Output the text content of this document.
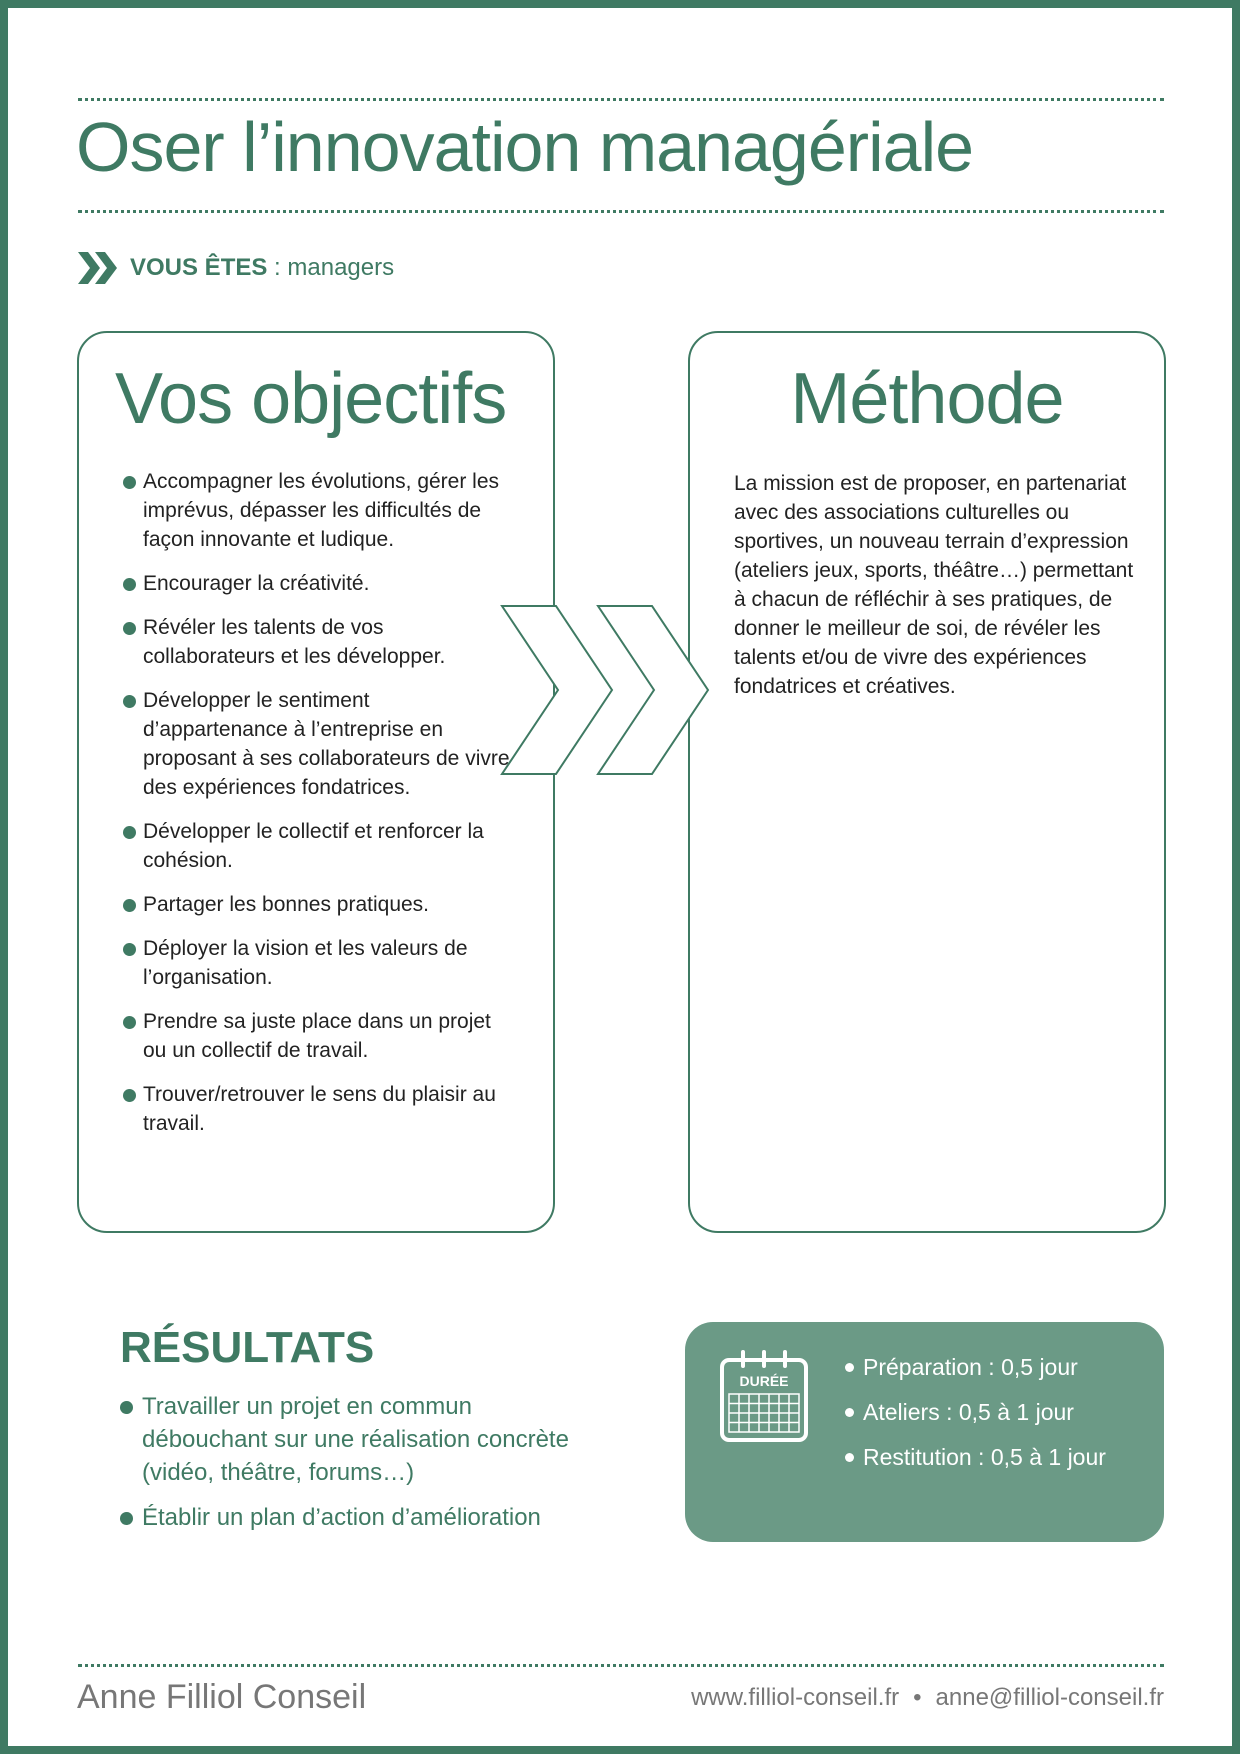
Oser l’innovation managériale
VOUS ÊTES : managers
Vos objectifs
Accompagner les évolutions, gérer les imprévus, dépasser les difficultés de façon innovante et ludique.
Encourager la créativité.
Révéler les talents de vos collaborateurs et les développer.
Développer le sentiment d’appartenance à l’entreprise en proposant à ses collaborateurs de vivre des expériences fondatrices.
Développer le collectif et renforcer la cohésion.
Partager les bonnes pratiques.
Déployer la vision et les valeurs de l’organisation.
Prendre sa juste place dans un projet ou un collectif de travail.
Trouver/retrouver le sens du plaisir au travail.
Méthode

La mission est de proposer, en partenariat avec des associations culturelles ou sportives, un nouveau terrain d’expression (ateliers jeux, sports, théâtre…) permettant à chacun de réfléchir à ses pratiques, de donner le meilleur de soi, de révéler les talents et/ou de vivre des expériences fondatrices et créatives.

RÉSULTATS
Travailler un projet en commun débouchant sur une réalisation concrète (vidéo, théâtre, forums…)
Établir un plan d’action d’amélioration
DURÉE
Préparation : 0,5 jour
Ateliers : 0,5 à 1 jour
Restitution : 0,5 à 1 jour
Anne Filliol Conseil	www.filliol-conseil.fr • anne@filliol-conseil.fr
